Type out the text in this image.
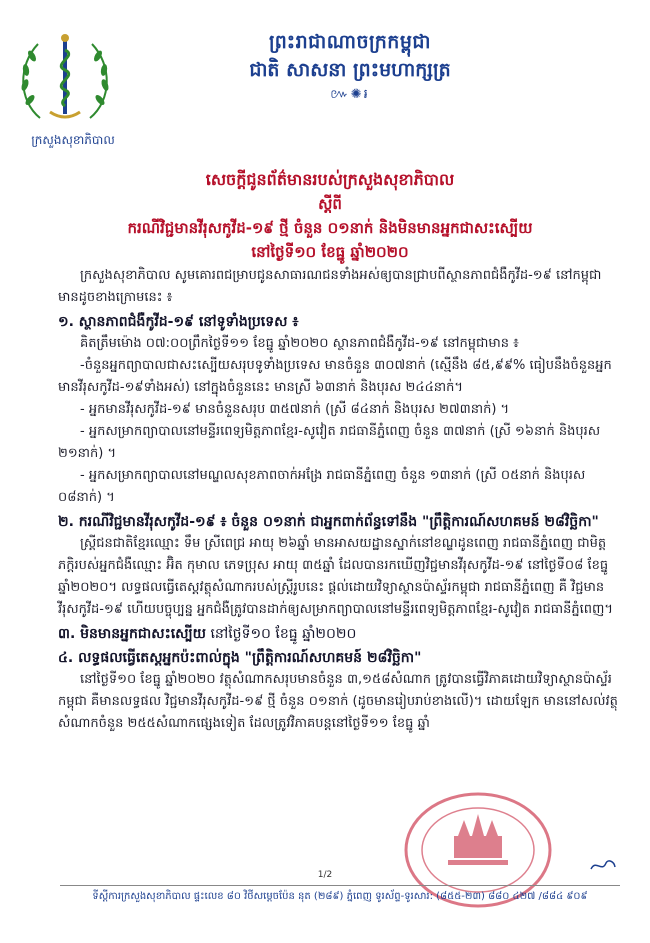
ក្រសួងសុខាភិបាល
ព្រះរាជាណាចក្រកម្ពុជា
ជាតិ សាសនា ព្រះមហាក្សត្រ
៚✺៛
សេចក្ដីជូនព័ត៌មានរបស់ក្រសួងសុខាភិបាល
ស្ដីពី
ករណីវិជ្ជមានវីរុសកូវីដ-១៩ ថ្មី ចំនួន ០១នាក់ និងមិនមានអ្នកជាសះស្បើយ
នៅថ្ងៃទី១០ ខែធ្នូ ឆ្នាំ២០២០

ក្រសួងសុខាភិបាល សូមគោរពជម្រាបជូនសាធារណជនទាំងអស់ឲ្យបានជ្រាបពីស្ថានភាពជំងឺកូវីដ-១៩ នៅកម្ពុជា មានដូចខាងក្រោមនេះ ៖

១. ស្ថានភាពជំងឺកូវីដ-១៩ នៅទូទាំងប្រទេស ៖

គិតត្រឹមម៉ោង ០៧:០០ព្រឹកថ្ងៃទី១១ ខែធ្នូ ឆ្នាំ២០២០ ស្ថានភាពជំងឺកូវីដ-១៩ នៅកម្ពុជាមាន ៖

-ចំនួនអ្នកព្យាបាលជាសះស្បើយសរុបទូទាំងប្រទេស មានចំនួន ៣០៧នាក់ (ស្មើនឹង ៨៥,៩៩% ធៀបនឹងចំនួនអ្នកមានវីរុសកូវីដ-១៩ទាំងអស់) នៅក្នុងចំនួននេះ មានស្រី ៦៣នាក់ និងបុរស ២៤៤នាក់។

- អ្នកមានវីរុសកូវីដ-១៩ មានចំនួនសរុប ៣៥៧នាក់ (ស្រី ៨៤នាក់ និងបុរស ២៧៣នាក់) ។

- អ្នកសម្រាកព្យាបាលនៅមន្ទីរពេទ្យមិត្តភាពខ្មែរ-សូវៀត រាជធានីភ្នំពេញ ចំនួន ៣៧នាក់ (ស្រី ១៦នាក់ និងបុរស ២១នាក់) ។

- អ្នកសម្រាកព្យាបាលនៅមណ្ឌលសុខភាពចាក់អង្រែ រាជធានីភ្នំពេញ ចំនួន ១៣នាក់ (ស្រី ០៥នាក់ និងបុរស ០៨នាក់) ។

២. ករណីវិជ្ជមានវីរុសកូវីដ-១៩ ៖ ចំនួន ០១នាក់ ជាអ្នកពាក់ព័ន្ធទៅនឹង "ព្រឹត្តិការណ៍សហគមន៍ ២៨វិច្ឆិកា"

ស្ត្រីជនជាតិខ្មែរឈ្មោះ ទឹម ស្រីពេជ្រ អាយុ ២៦ឆ្នាំ មានអាសយដ្ឋានស្នាក់នៅខណ្ឌដូនពេញ រាជធានីភ្នំពេញ ជាមិត្តភក្តិរបស់អ្នកជំងឺឈ្មោះ អ៊ិត កុមាល ភេទប្រុស អាយុ ៣៥ឆ្នាំ ដែលបានរកឃើញវិជ្ជមានវីរុសកូវីដ-១៩ នៅថ្ងៃទី០៨ ខែធ្នូ ឆ្នាំ២០២០។ លទ្ធផលធ្វើតេស្តវត្ថុសំណាករបស់ស្ត្រីរូបនេះ ផ្តល់ដោយវិទ្យាស្ថានប៉ាស្ទ័រកម្ពុជា រាជធានីភ្នំពេញ គឺ វិជ្ជមានវីរុសកូវីដ-១៩ ហើយបច្ចុប្បន្ន អ្នកជំងឺត្រូវបានដាក់ឲ្យសម្រាកព្យាបាលនៅមន្ទីរពេទ្យមិត្តភាពខ្មែរ-សូវៀត រាជធានីភ្នំពេញ។

៣. មិនមានអ្នកជាសះស្បើយ នៅថ្ងៃទី១០ ខែធ្នូ ឆ្នាំ២០២០

៤. លទ្ធផលធ្វើតេស្តអ្នកប៉ះពាល់ក្នុង "ព្រឹត្តិការណ៍សហគមន៍ ២៨វិច្ឆិកា"

នៅថ្ងៃទី១០ ខែធ្នូ ឆ្នាំ២០២០ វត្ថុសំណាកសរុបមានចំនួន ៣,១៥៨សំណាក ត្រូវបានធ្វើវិភាគដោយវិទ្យាស្ថានប៉ាស្ទ័រកម្ពុជា គឺមានលទ្ធផល វិជ្ជមានវីរុសកូវីដ-១៩ ថ្មី ចំនួន ០១នាក់ (ដូចមានរៀបរាប់ខាងលើ)។ ដោយឡែក មាននៅសល់វត្ថុសំណាកចំនួន ២៥៥សំណាកផ្សេងទៀត ដែលត្រូវវិភាគបន្តនៅថ្ងៃទី១១ ខែធ្នូ ឆ្នាំ

1/2
ទីស្តីការក្រសួងសុខាភិបាល ផ្ទះលេខ ៨០ វិថីសម្តេចប៉ែន នុត (២៨៩) ភ្នំពេញ ទូរស័ព្ទ-ទូរសារ: (៨៥៥-២៣) ៨៨០ ៤២៧ /៨៨៤ ៩០៩
